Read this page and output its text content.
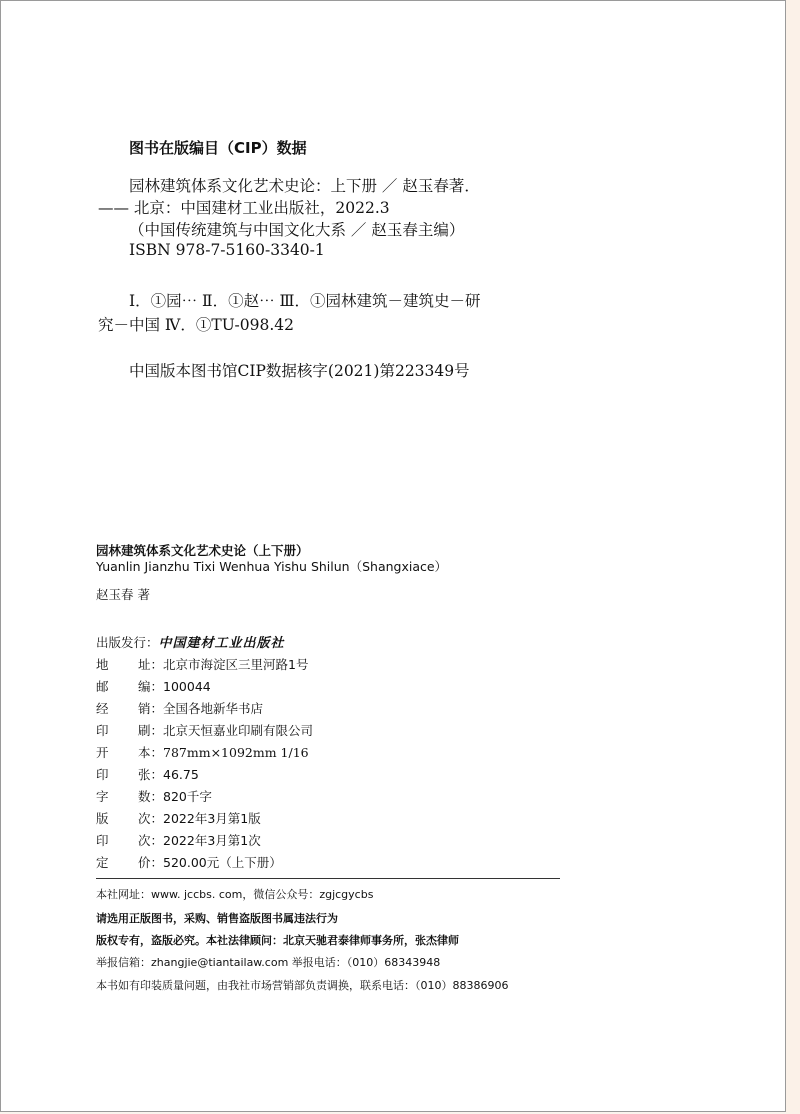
图书在版编目（CIP）数据
园林建筑体系文化艺术史论：上下册 ／ 赵玉春著．
—— 北京：中国建材工业出版社，2022.3
（中国传统建筑与中国文化大系 ／ 赵玉春主编）
ISBN 978-7-5160-3340-1
Ⅰ．①园⋯ Ⅱ．①赵⋯ Ⅲ．①园林建筑－建筑史－研
究－中国 Ⅳ．①TU-098.42
中国版本图书馆CIP数据核字(2021)第223349号
园林建筑体系文化艺术史论（上下册）
Yuanlin Jianzhu Tixi Wenhua Yishu Shilun（Shangxiace）
赵玉春 著
出版发行：中国建材工业出版社
地 址：北京市海淀区三里河路1号
邮 编：100044
经 销：全国各地新华书店
印 刷：北京天恒嘉业印刷有限公司
开 本：787mm×1092mm 1/16
印 张：46.75
字 数：820千字
版 次：2022年3月第1版
印 次：2022年3月第1次
定 价：520.00元（上下册）
本社网址：www. jccbs. com，微信公众号：zgjcgycbs
请选用正版图书，采购、销售盗版图书属违法行为
版权专有，盗版必究。本社法律顾问：北京天驰君泰律师事务所，张杰律师
举报信箱：zhangjie@tiantailaw.com 举报电话：（010）68343948
本书如有印装质量问题，由我社市场营销部负责调换，联系电话：（010）88386906
